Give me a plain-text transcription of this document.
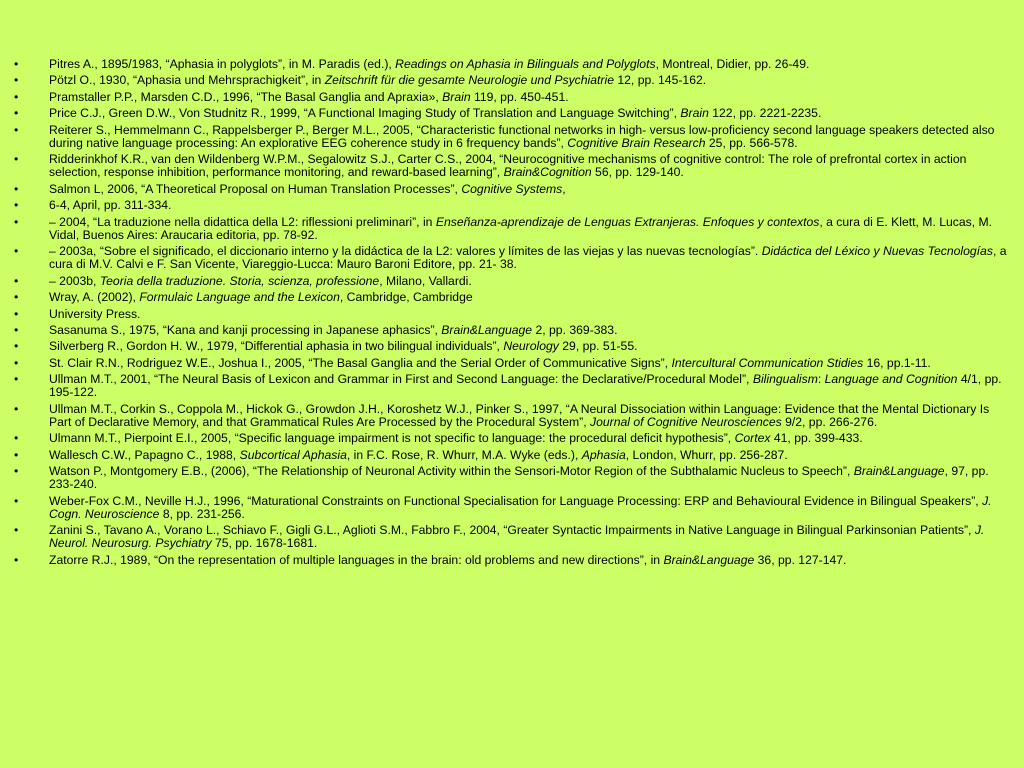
•	Pitres A., 1895/1983, “Aphasia in polyglots”, in M. Paradis (ed.), Readings on Aphasia in Bilinguals and Polyglots, Montreal, Didier, pp. 26-49.
•	Pötzl O., 1930, “Aphasia und Mehrsprachigkeit”, in Zeitschrift für die gesamte Neurologie und Psychiatrie 12, pp. 145-162.
•	Pramstaller P.P., Marsden C.D., 1996, “The Basal Ganglia and Apraxia», Brain 119, pp. 450-451.
•	Price C.J., Green D.W., Von Studnitz R., 1999, “A Functional Imaging Study of Translation and Language Switching”, Brain 122, pp. 2221-2235.
•	Reiterer S., Hemmelmann C., Rappelsberger P., Berger M.L., 2005, “Characteristic functional networks in high- versus low-proficiency second language speakers detected also during native language processing: An explorative EEG coherence study in 6 frequency bands”, Cognitive Brain Research 25, pp. 566-578.
•	Ridderinkhof K.R., van den Wildenberg W.P.M., Segalowitz S.J., Carter C.S., 2004, “Neurocognitive mechanisms of cognitive control: The role of prefrontal cortex in action selection, response inhibition, performance monitoring, and reward-based learning”, Brain&Cognition 56, pp. 129-140.
•	Salmon L, 2006, “A Theoretical Proposal on Human Translation Processes”, Cognitive Systems,
•	6-4, April, pp. 311-334.
•	– 2004, “La traduzione nella didattica della L2: riflessioni preliminari”, in Enseñanza-aprendizaje de Lenguas Extranjeras. Enfoques y contextos, a cura di E. Klett, M. Lucas, M. Vidal, Buenos Aires: Araucaria editoria, pp. 78-92.
•	– 2003a, “Sobre el significado, el diccionario interno y la didáctica de la L2: valores y límites de las viejas y las nuevas tecnologías”. Didáctica del Léxico y Nuevas Tecnologías, a cura di M.V. Calvi e F. San Vicente, Viareggio-Lucca: Mauro Baroni Editore, pp. 21- 38.
•	– 2003b, Teoria della traduzione. Storia, scienza, professione, Milano, Vallardi.
•	Wray, A. (2002), Formulaic Language and the Lexicon, Cambridge, Cambridge
•	University Press.
•	Sasanuma S., 1975, “Kana and kanji processing in Japanese aphasics”, Brain&Language 2, pp. 369-383.
•	Silverberg R., Gordon H. W., 1979, “Differential aphasia in two bilingual individuals”, Neurology 29, pp. 51-55.
•	St. Clair R.N., Rodriguez W.E., Joshua I., 2005, “The Basal Ganglia and the Serial Order of Communicative Signs”, Intercultural Communication Stidies 16, pp.1-11.
•	Ullman M.T., 2001, “The Neural Basis of Lexicon and Grammar in First and Second Language: the Declarative/Procedural Model”, Bilingualism: Language and Cognition 4/1, pp. 195-122.
•	Ullman M.T., Corkin S., Coppola M., Hickok G., Growdon J.H., Koroshetz W.J., Pinker S., 1997, “A Neural Dissociation within Language: Evidence that the Mental Dictionary Is Part of Declarative Memory, and that Grammatical Rules Are Processed by the Procedural System”, Journal of Cognitive Neurosciences 9/2, pp. 266-276.
•	Ulmann M.T., Pierpoint E.I., 2005, “Specific language impairment is not specific to language: the procedural deficit hypothesis”, Cortex 41, pp. 399-433.
•	Wallesch C.W., Papagno C., 1988, Subcortical Aphasia, in F.C. Rose, R. Whurr, M.A. Wyke (eds.), Aphasia, London, Whurr, pp. 256-287.
•	Watson P., Montgomery E.B., (2006), “The Relationship of Neuronal Activity within the Sensori-Motor Region of the Subthalamic Nucleus to Speech”, Brain&Language, 97, pp. 233-240.
•	Weber-Fox C.M., Neville H.J., 1996, “Maturational Constraints on Functional Specialisation for Language Processing: ERP and Behavioural Evidence in Bilingual Speakers”, J. Cogn. Neuroscience 8, pp. 231-256.
•	Zanini S., Tavano A., Vorano L., Schiavo F., Gigli G.L., Aglioti S.M., Fabbro F., 2004, “Greater Syntactic Impairments in Native Language in Bilingual Parkinsonian Patients”, J. Neurol. Neurosurg. Psychiatry 75, pp. 1678-1681.
•	Zatorre R.J., 1989, “On the representation of multiple languages in the brain: old problems and new directions”, in Brain&Language 36, pp. 127-147.
